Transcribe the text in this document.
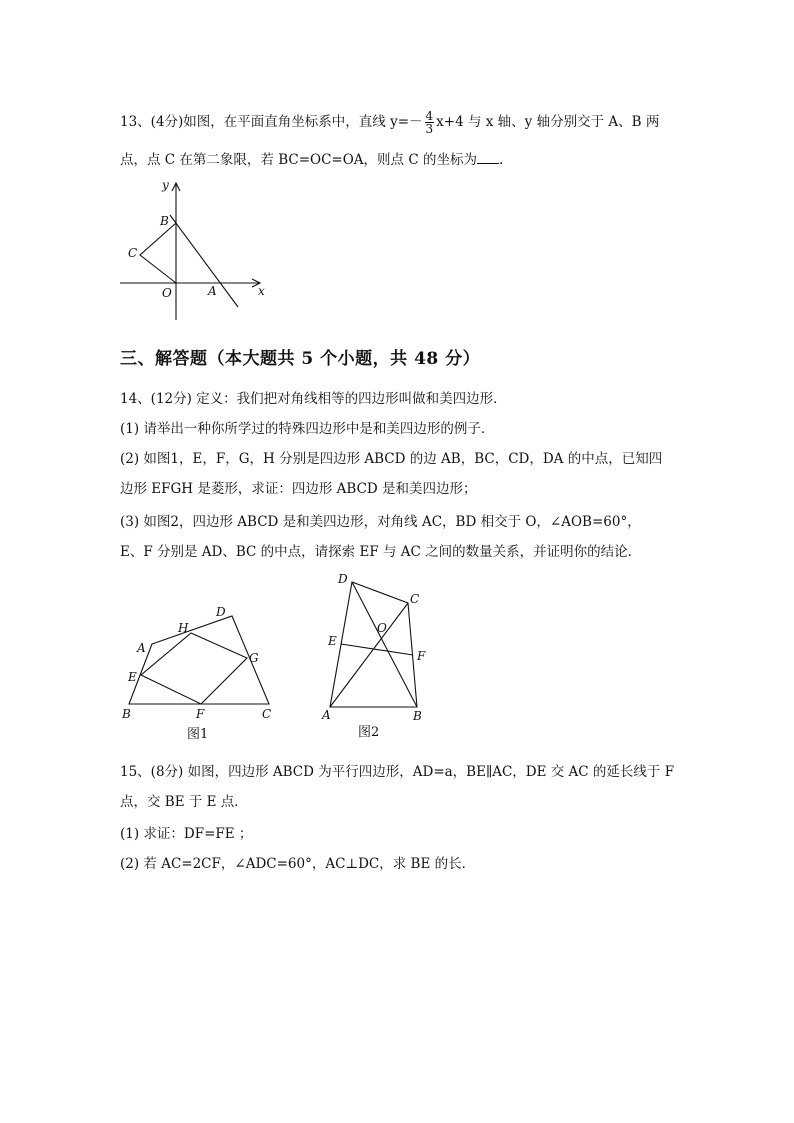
13、(4分)如图，在平面直角坐标系中，直线 $y=- \frac{4}{3} x+4$ 与 x 轴、y 轴分别交于 A、B 两
点，点 C 在第二象限，若 BC=OC=OA，则点 C 的坐标为 .
y
B
C
O	A	x
三、解答题（本大题共 5 个小题，共 48 分）
14、(12分) 定义：我们把对角线相等的四边形叫做和美四边形．
(1) 请举出一种你所学过的特殊四边形中是和美四边形的例子．
(2) 如图1，E，F，G，H 分别是四边形 ABCD 的边 AB，BC，CD，DA 的中点，已知四
边形 EFGH 是菱形，求证：四边形 ABCD 是和美四边形；
(3) 如图2，四边形 ABCD 是和美四边形，对角线 AC，BD 相交于 O，∠AOB=60°，
E、F 分别是 AD、BC 的中点，请探索 EF 与 AC 之间的数量关系，并证明你的结论．
D
H
A
G
E
B	F	C
图1
D
C
O
E
F
A	B
图2
15、(8分) 如图，四边形 ABCD 为平行四边形，AD=a，BE∥AC，DE 交 AC 的延长线于 F
点，交 BE 于 E 点．
(1) 求证：DF=FE ；
(2) 若 AC=2CF，∠ADC=60°，AC⊥DC，求 BE 的长．
